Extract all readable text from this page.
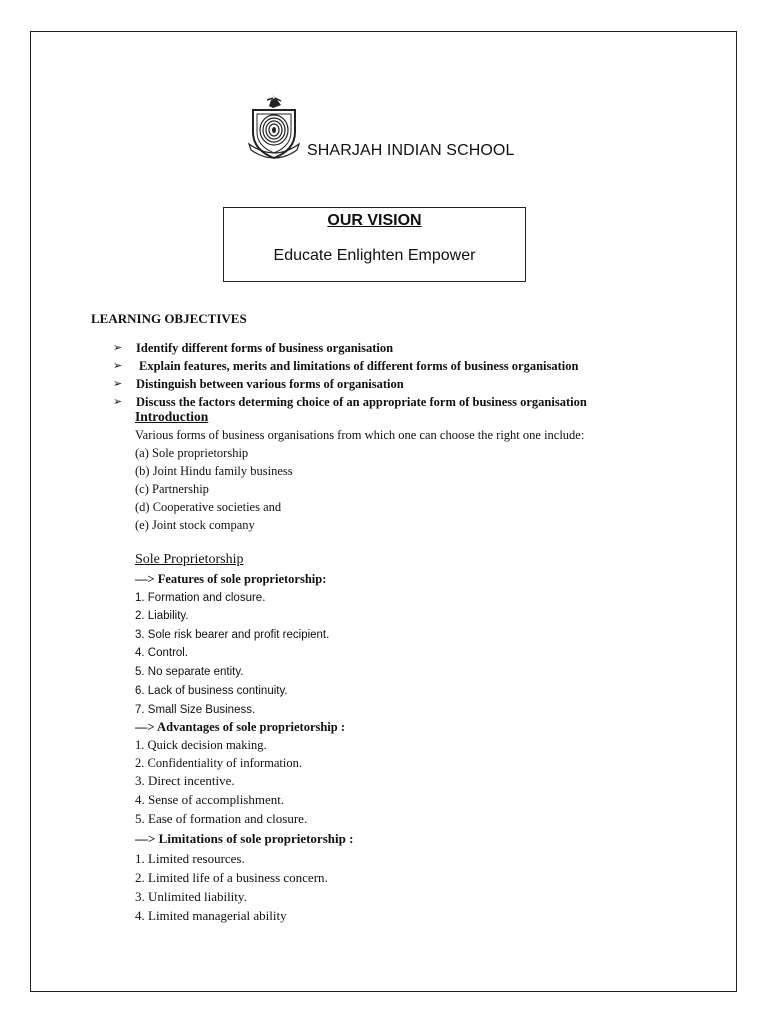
SHARJAH INDIAN SCHOOL
OUR VISION
Educate Enlighten Empower
LEARNING OBJECTIVES
➢ Identify different forms of business organisation
➢ Explain features, merits and limitations of different forms of business organisation
➢ Distinguish between various forms of organisation
➢ Discuss the factors determing choice of an appropriate form of business organisation
Introduction
Various forms of business organisations from which one can choose the right one include:
(a) Sole proprietorship
(b) Joint Hindu family business
(c) Partnership
(d) Cooperative societies and
(e) Joint stock company
Sole Proprietorship
—> Features of sole proprietorship:
1. Formation and closure.
2. Liability.
3. Sole risk bearer and profit recipient.
4. Control.
5. No separate entity.
6. Lack of business continuity.
7. Small Size Business.
—> Advantages of sole proprietorship :
1. Quick decision making.
2. Confidentiality of information.
3. Direct incentive.
4. Sense of accomplishment.
5. Ease of formation and closure.
—> Limitations of sole proprietorship :
1. Limited resources.
2. Limited life of a business concern.
3. Unlimited liability.
4. Limited managerial ability
